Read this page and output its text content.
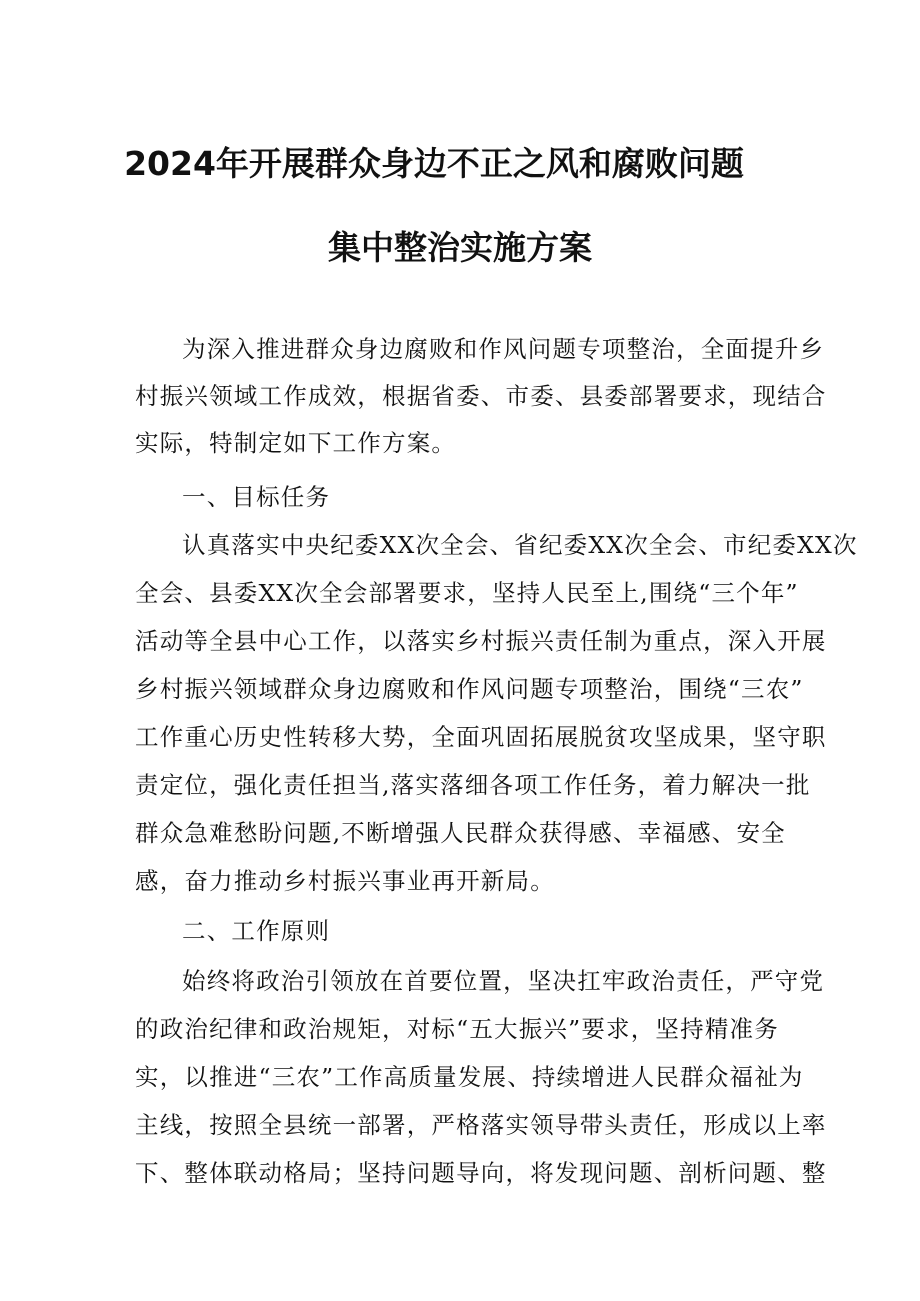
2024年开展群众身边不正之风和腐败问题
集中整治实施方案
为深入推进群众身边腐败和作风问题专项整治，全面提升乡
村振兴领域工作成效，根据省委、市委、县委部署要求，现结合
实际，特制定如下工作方案。
一、目标任务
认真落实中央纪委XX次全会、省纪委XX次全会、市纪委XX次
全会、县委XX次全会部署要求，坚持人民至上,围绕“三个年”
活动等全县中心工作，以落实乡村振兴责任制为重点，深入开展
乡村振兴领域群众身边腐败和作风问题专项整治，围绕“三农”
工作重心历史性转移大势，全面巩固拓展脱贫攻坚成果，坚守职
责定位，强化责任担当,落实落细各项工作任务，着力解决一批
群众急难愁盼问题,不断增强人民群众获得感、幸福感、安全
感，奋力推动乡村振兴事业再开新局。
二、工作原则
始终将政治引领放在首要位置，坚决扛牢政治责任，严守党
的政治纪律和政治规矩，对标“五大振兴”要求，坚持精准务
实，以推进“三农”工作高质量发展、持续增进人民群众福祉为
主线，按照全县统一部署，严格落实领导带头责任，形成以上率
下、整体联动格局；坚持问题导向，将发现问题、剖析问题、整
